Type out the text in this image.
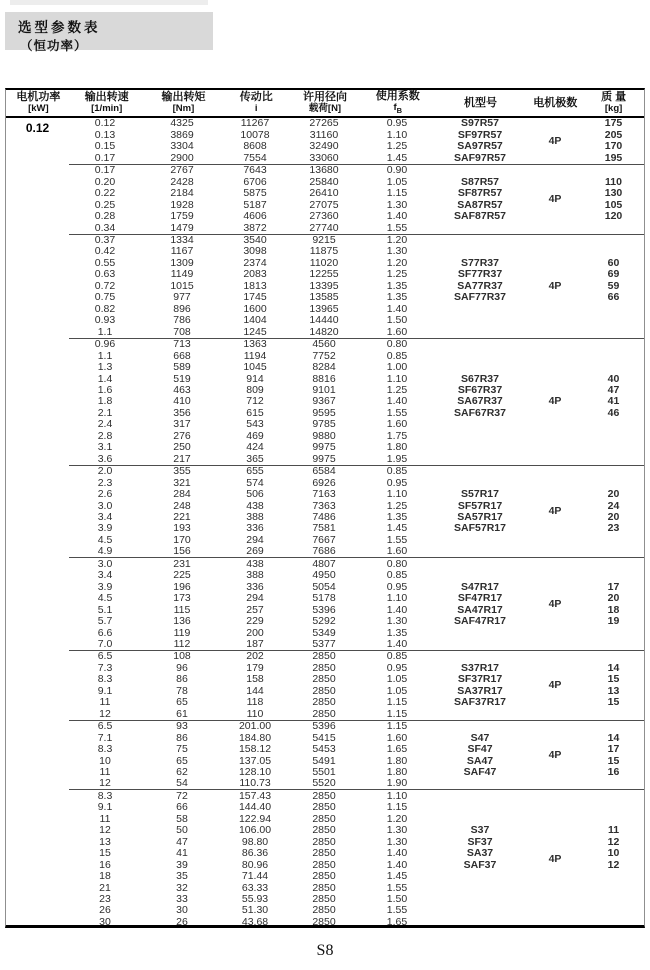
选型参数表
（恒功率）
电机功率
[kW]
输出转速
[1/min]
输出转矩
[Nm]
传动比
i
许用径向
载荷[N]
使用系数
$f_B$
机型号	电机极数	质 量
[kg]
0.12	0.12	4325	11267	27265	0.95	S97R57	4P	175
0.13	3869	10078	31160	1.10	SF97R57		205
0.15	3304	8608	32490	1.25	SA97R57		170
0.17	2900	7554	33060	1.45	SAF97R57		195
0.17	2767	7643	13680	0.90		4P	
0.20	2428	6706	25840	1.05	S87R57		110
0.22	2184	5875	26410	1.15	SF87R57		130
0.25	1928	5187	27075	1.30	SA87R57		105
0.28	1759	4606	27360	1.40	SAF87R57		120
0.34	1479	3872	27740	1.55			
0.37	1334	3540	9215	1.20		4P	
0.42	1167	3098	11875	1.30			
0.55	1309	2374	11020	1.20	S77R37		60
0.63	1149	2083	12255	1.25	SF77R37		69
0.72	1015	1813	13395	1.35	SA77R37		59
0.75	977	1745	13585	1.35	SAF77R37		66
0.82	896	1600	13965	1.40			
0.93	786	1404	14440	1.50			
1.1	708	1245	14820	1.60			
0.96	713	1363	4560	0.80		4P	
1.1	668	1194	7752	0.85			
1.3	589	1045	8284	1.00			
1.4	519	914	8816	1.10	S67R37		40
1.6	463	809	9101	1.25	SF67R37		47
1.8	410	712	9367	1.40	SA67R37		41
2.1	356	615	9595	1.55	SAF67R37		46
2.4	317	543	9785	1.60			
2.8	276	469	9880	1.75			
3.1	250	424	9975	1.80			
3.6	217	365	9975	1.95			
2.0	355	655	6584	0.85		4P	
2.3	321	574	6926	0.95			
2.6	284	506	7163	1.10	S57R17		20
3.0	248	438	7363	1.25	SF57R17		24
3.4	221	388	7486	1.35	SA57R17		20
3.9	193	336	7581	1.45	SAF57R17		23
4.5	170	294	7667	1.55			
4.9	156	269	7686	1.60			
3.0	231	438	4807	0.80		4P	
3.4	225	388	4950	0.85			
3.9	196	336	5054	0.95	S47R17		17
4.5	173	294	5178	1.10	SF47R17		20
5.1	115	257	5396	1.40	SA47R17		18
5.7	136	229	5292	1.30	SAF47R17		19
6.6	119	200	5349	1.35			
7.0	112	187	5377	1.40			
6.5	108	202	2850	0.85		4P	
7.3	96	179	2850	0.95	S37R17		14
8.3	86	158	2850	1.05	SF37R17		15
9.1	78	144	2850	1.05	SA37R17		13
11	65	118	2850	1.15	SAF37R17		15
12	61	110	2850	1.15			
6.5	93	201.00	5396	1.15		4P	
7.1	86	184.80	5415	1.60	S47		14
8.3	75	158.12	5453	1.65	SF47		17
10	65	137.05	5491	1.80	SA47		15
11	62	128.10	5501	1.80	SAF47		16
12	54	110.73	5520	1.90			
8.3	72	157.43	2850	1.10		4P	
9.1	66	144.40	2850	1.15			
11	58	122.94	2850	1.20			
12	50	106.00	2850	1.30	S37		11
13	47	98.80	2850	1.30	SF37		12
15	41	86.36	2850	1.40	SA37		10
16	39	80.96	2850	1.40	SAF37		12
18	35	71.44	2850	1.45			
21	32	63.33	2850	1.55			
23	33	55.93	2850	1.50			
26	30	51.30	2850	1.55			
30	26	43.68	2850	1.65			
S8
